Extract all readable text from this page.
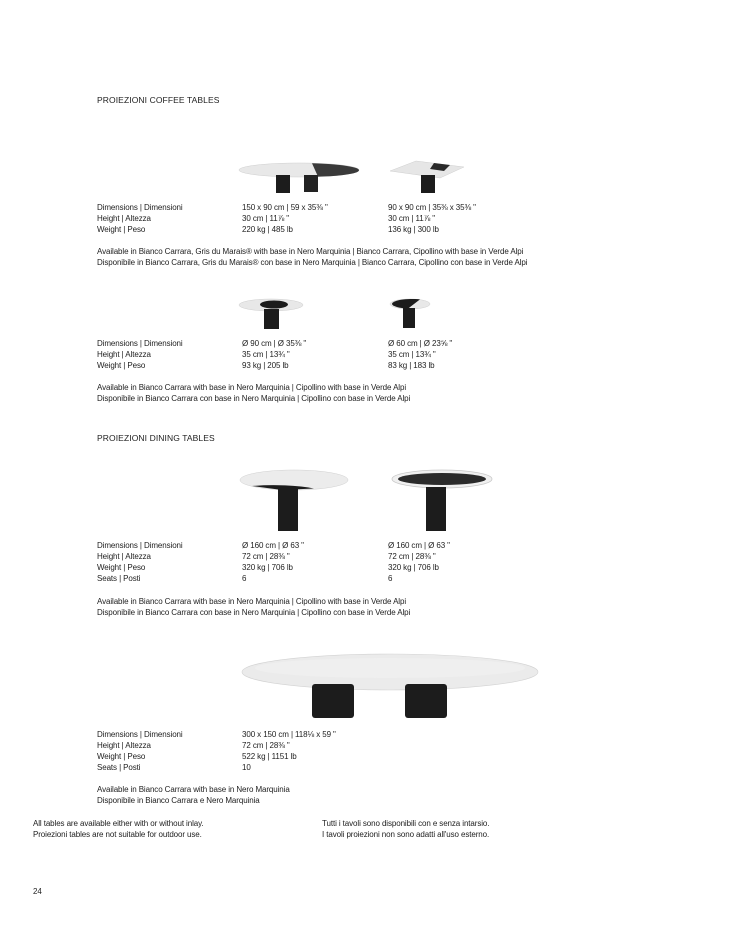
PROIEZIONI COFFEE TABLES
Dimensions | Dimensioni
Height | Altezza
Weight | Peso
150 x 90 cm | 59 x 35⅜ "
30 cm | 11⅞ "
220 kg | 485 lb
90 x 90 cm | 35⅜ x 35⅜ "
30 cm | 11⅞ "
136 kg | 300 lb
Available in Bianco Carrara, Gris du Marais® with base in Nero Marquinia | Bianco Carrara, Cipollino with base in Verde Alpi
Disponibile in Bianco Carrara, Gris du Marais® con base in Nero Marquinia | Bianco Carrara, Cipollino con base in Verde Alpi
Dimensions | Dimensioni
Height | Altezza
Weight | Peso
Ø 90 cm | Ø 35⅜ "
35 cm | 13¾ "
93 kg | 205 lb
Ø 60 cm | Ø 23⅝ "
35 cm | 13¾ "
83 kg | 183 lb
Available in Bianco Carrara with base in Nero Marquinia | Cipollino with base in Verde Alpi
Disponibile in Bianco Carrara con base in Nero Marquinia | Cipollino con base in Verde Alpi
PROIEZIONI DINING TABLES
Dimensions | Dimensioni
Height | Altezza
Weight | Peso
Seats | Posti
Ø 160 cm | Ø 63 "
72 cm | 28⅜ "
320 kg | 706 lb
6
Ø 160 cm | Ø 63 "
72 cm | 28⅜ "
320 kg | 706 lb
6
Available in Bianco Carrara with base in Nero Marquinia | Cipollino with base in Verde Alpi
Disponibile in Bianco Carrara con base in Nero Marquinia | Cipollino con base in Verde Alpi
Dimensions | Dimensioni
Height | Altezza
Weight | Peso
Seats | Posti
300 x 150 cm | 118⅛ x 59 "
72 cm | 28⅜ "
522 kg | 1151 lb
10
Available in Bianco Carrara with base in Nero Marquinia
Disponibile in Bianco Carrara e Nero Marquinia
All tables are available either with or without inlay.
Proiezioni tables are not suitable for outdoor use.
Tutti i tavoli sono disponibili con e senza intarsio.
I tavoli proiezioni non sono adatti all'uso esterno.
24
